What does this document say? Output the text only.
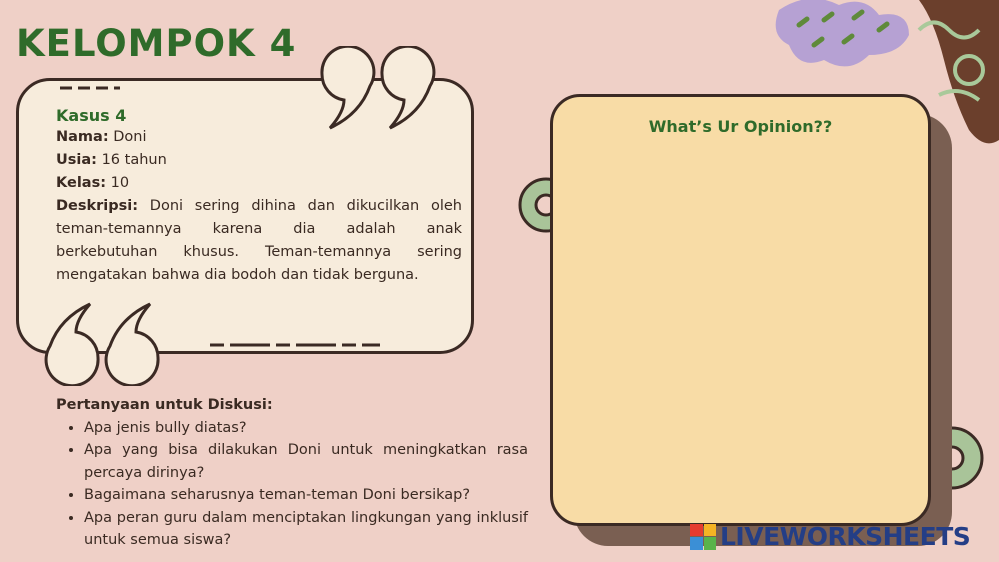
KELOMPOK 4
Kasus 4
Nama: Doni
Usia: 16 tahun
Kelas: 10
Deskripsi: Doni sering dihina dan dikucilkan oleh teman-temannya karena dia adalah anak berkebutuhan khusus. Teman-temannya sering mengatakan bahwa dia bodoh dan tidak berguna.
Pertanyaan untuk Diskusi:
• Apa jenis bully diatas?
• Apa yang bisa dilakukan Doni untuk meningkatkan rasa percaya dirinya?
• Bagaimana seharusnya teman-teman Doni bersikap?
• Apa peran guru dalam menciptakan lingkungan yang inklusif untuk semua siswa?
What’s Ur Opinion??
LIVEWORKSHEETS
